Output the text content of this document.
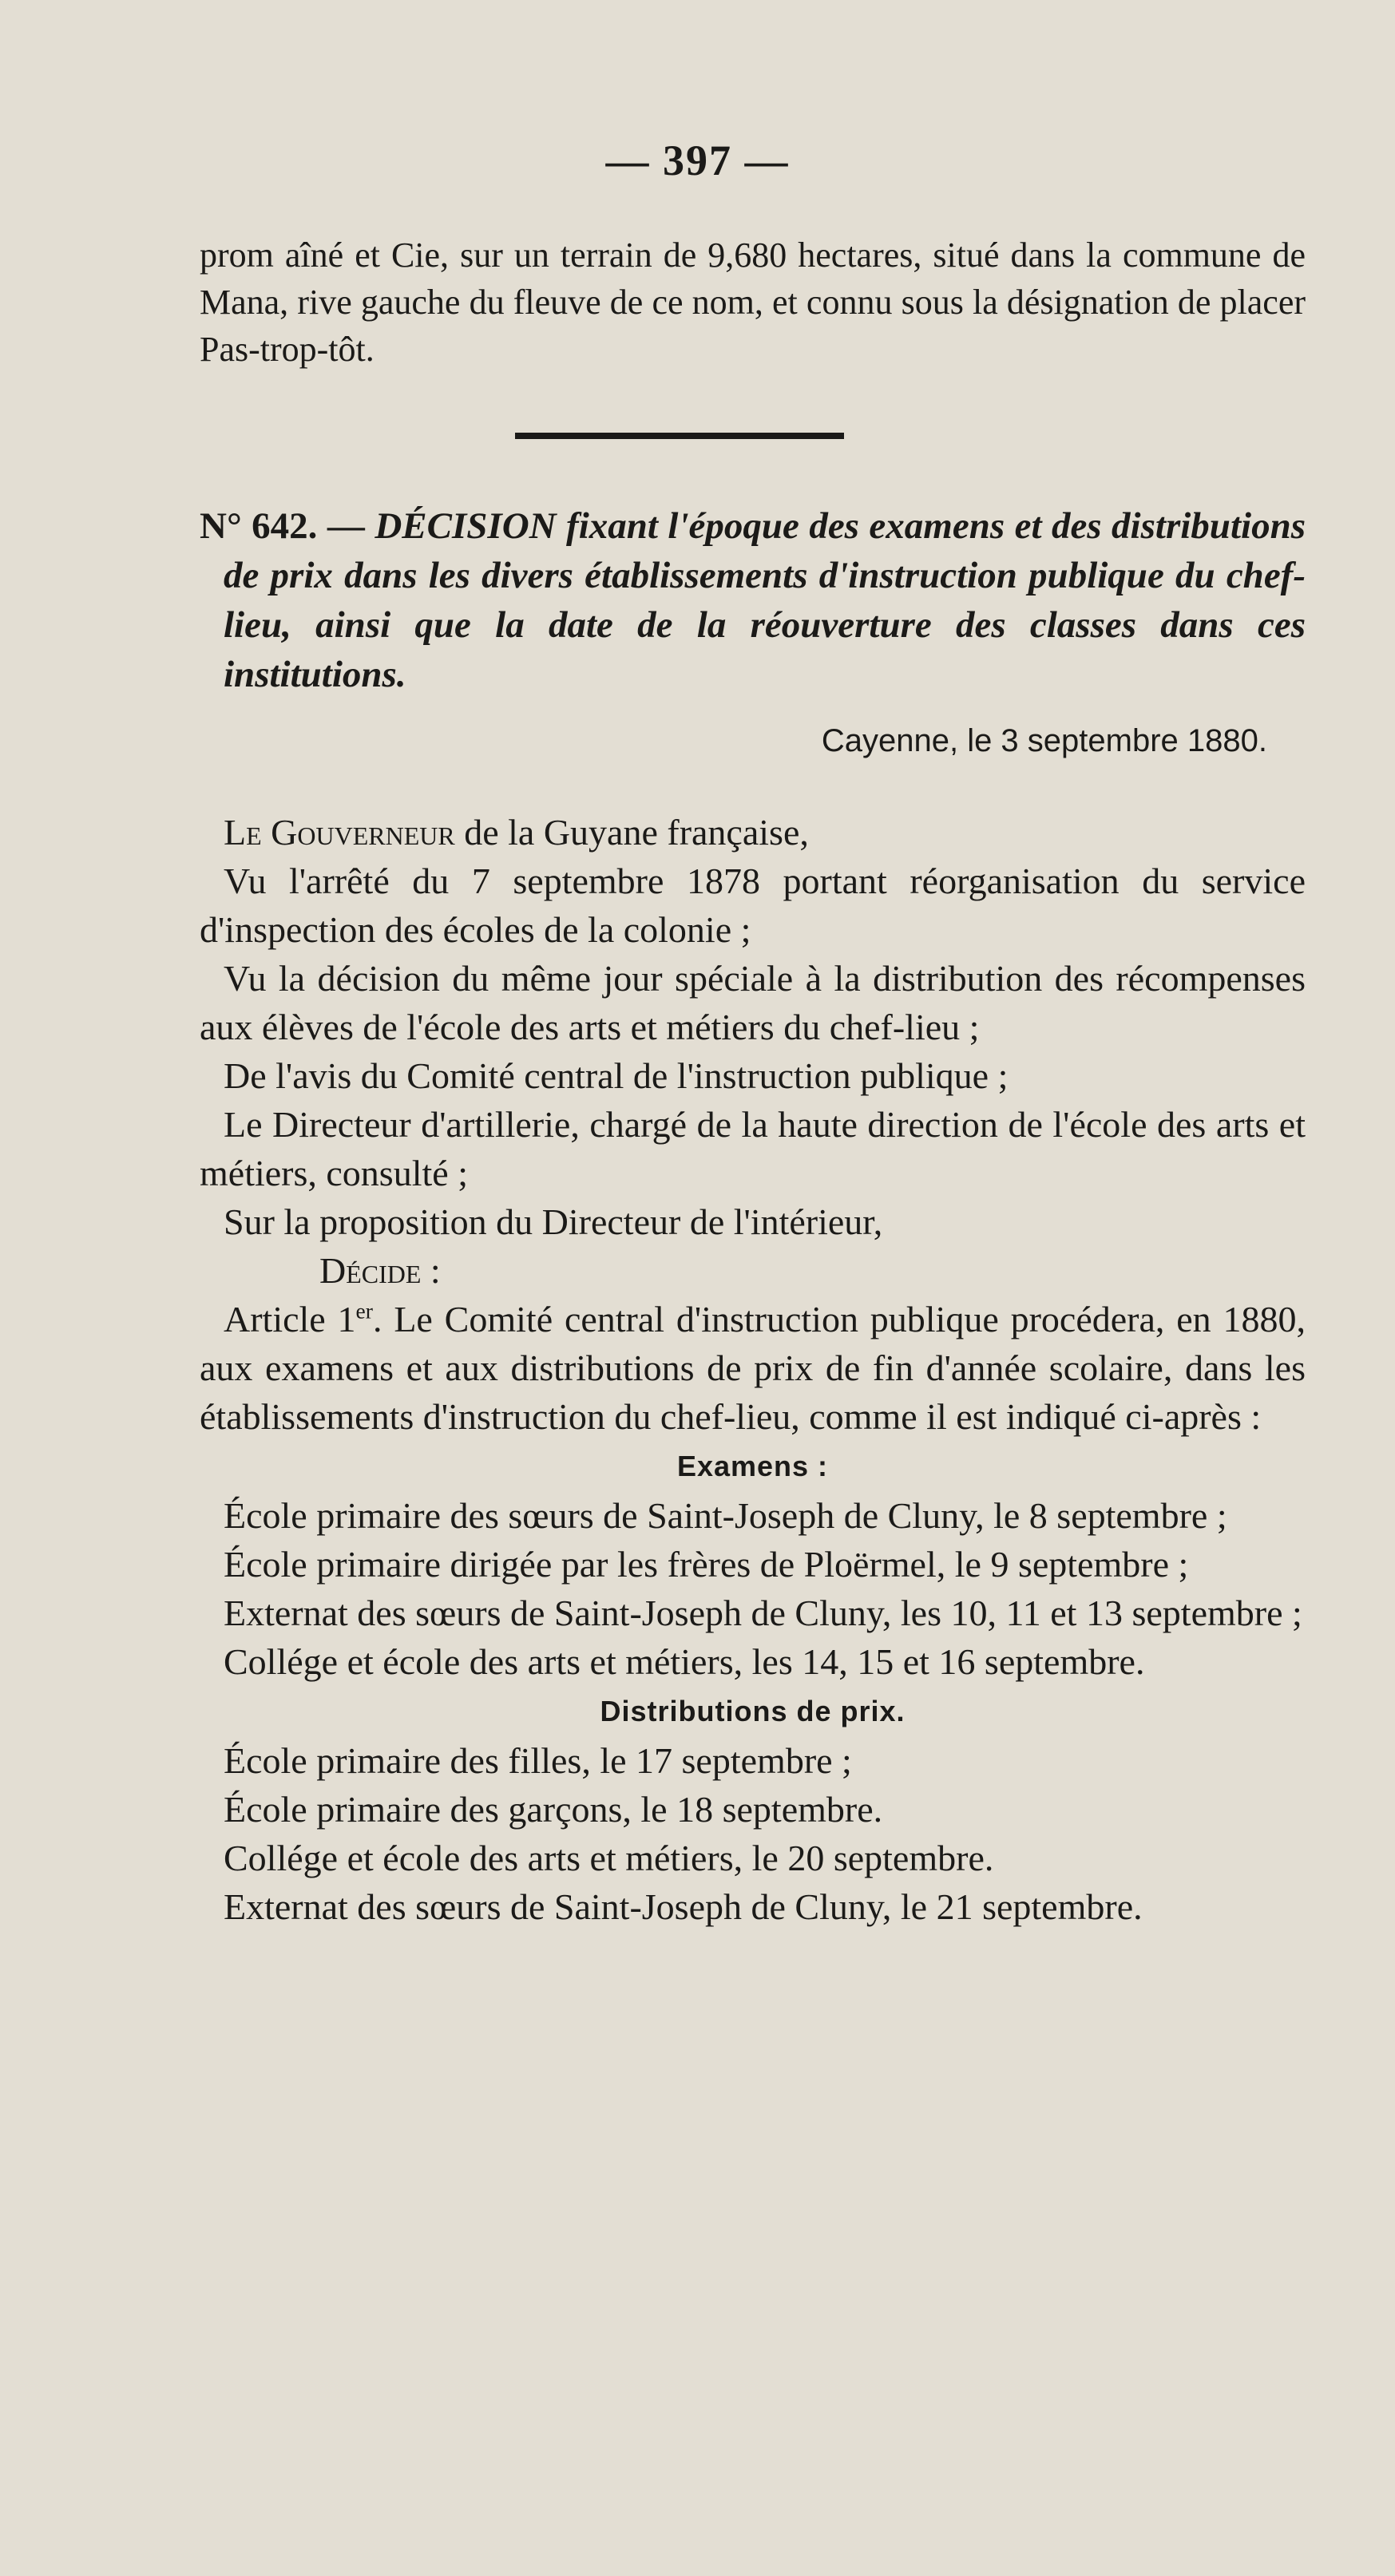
— 397 —

prom aîné et Cie, sur un terrain de 9,680 hectares, situé dans la commune de Mana, rive gauche du fleuve de ce nom, et connu sous la désignation de placer Pas-trop-tôt.

N° 642. — DÉCISION fixant l'époque des examens et des distributions de prix dans les divers établissements d'instruction publique du chef-lieu, ainsi que la date de la réouverture des classes dans ces institutions.

Cayenne, le 3 septembre 1880.

Le Gouverneur de la Guyane française,

Vu l'arrêté du 7 septembre 1878 portant réorganisation du service d'inspection des écoles de la colonie ;

Vu la décision du même jour spéciale à la distribution des récompenses aux élèves de l'école des arts et métiers du chef-lieu ;

De l'avis du Comité central de l'instruction publique ;

Le Directeur d'artillerie, chargé de la haute direction de l'école des arts et métiers, consulté ;

Sur la proposition du Directeur de l'intérieur,

Décide :

Article 1er. Le Comité central d'instruction publique procédera, en 1880, aux examens et aux distributions de prix de fin d'année scolaire, dans les établissements d'instruction du chef-lieu, comme il est indiqué ci-après :

Examens :

École primaire des sœurs de Saint-Joseph de Cluny, le 8 septembre ;

École primaire dirigée par les frères de Ploërmel, le 9 septembre ;

Externat des sœurs de Saint-Joseph de Cluny, les 10, 11 et 13 septembre ;

Collége et école des arts et métiers, les 14, 15 et 16 septembre.

Distributions de prix.

École primaire des filles, le 17 septembre ;

École primaire des garçons, le 18 septembre.

Collége et école des arts et métiers, le 20 septembre.

Externat des sœurs de Saint-Joseph de Cluny, le 21 septembre.
